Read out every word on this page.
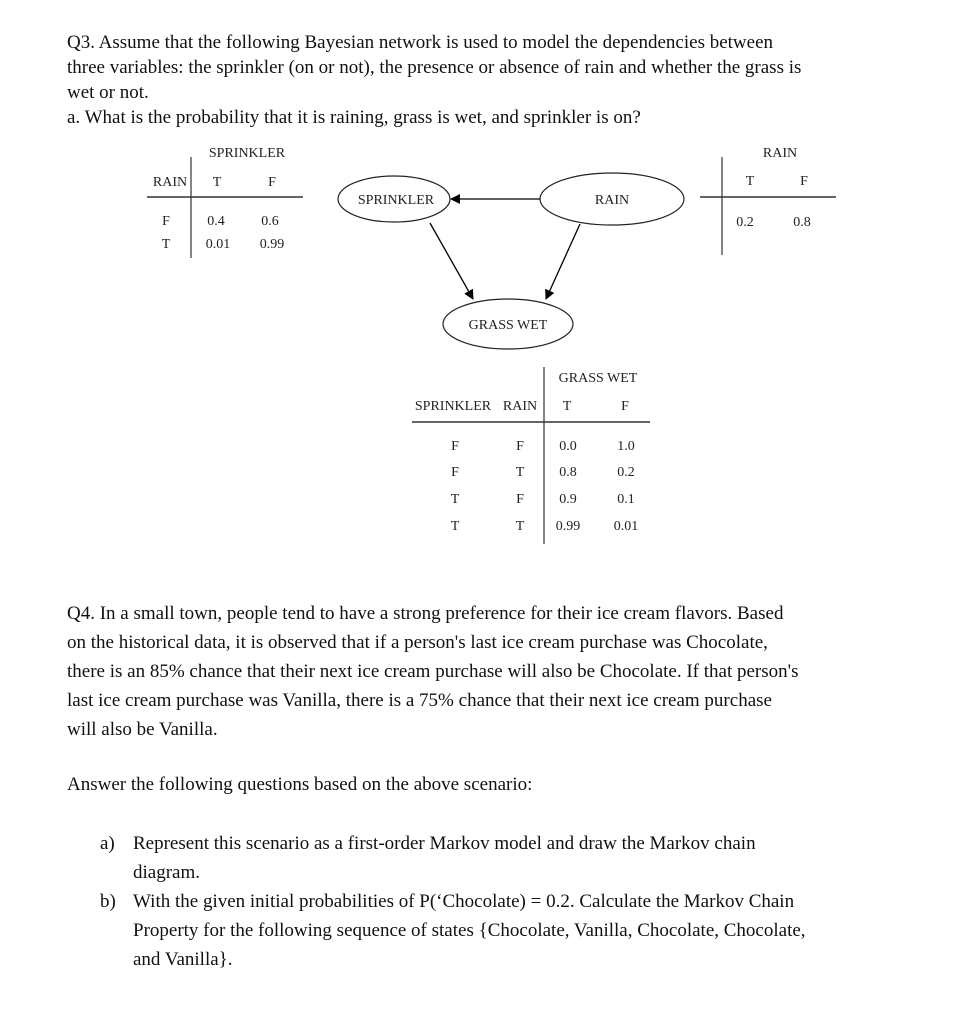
Q3. Assume that the following Bayesian network is used to model the dependencies between
three variables: the sprinkler (on or not), the presence or absence of rain and whether the grass is
wet or not.
a. What is the probability that it is raining, grass is wet, and sprinkler is on?
SPRINKLER
RAIN T	F
F	0.4	0.6
T	0.01 0.99
SPRINKLER	RAIN
GRASS WET
RAIN
T	F
0.2	0.8
GRASS WET
SPRINKLER RAIN T	F
F	F	0.0	1.0
F	T 0.8	0.2
T	F	0.9	0.1
T	T 0.99 0.01
Q4. In a small town, people tend to have a strong preference for their ice cream flavors. Based
on the historical data, it is observed that if a person's last ice cream purchase was Chocolate,
there is an 85% chance that their next ice cream purchase will also be Chocolate. If that person's
last ice cream purchase was Vanilla, there is a 75% chance that their next ice cream purchase
will also be Vanilla.
Answer the following questions based on the above scenario:
a) Represent this scenario as a first-order Markov model and draw the Markov chain
diagram.
b) With the given initial probabilities of P(‘Chocolate) = 0.2. Calculate the Markov Chain
Property for the following sequence of states {Chocolate, Vanilla, Chocolate, Chocolate,
and Vanilla}.
